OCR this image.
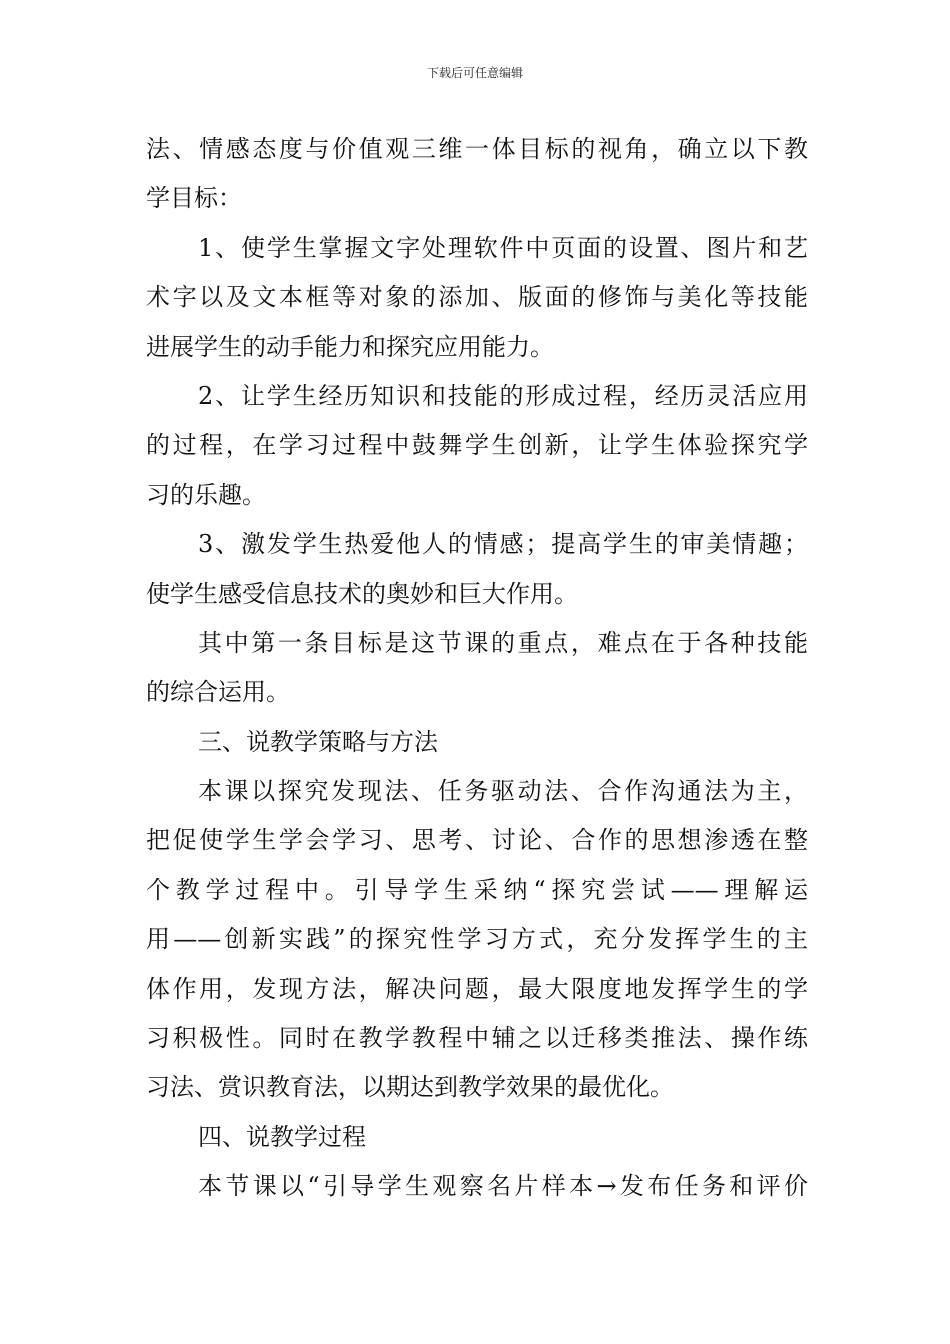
下载后可任意编辑
法、情感态度与价值观三维一体目标的视角，确立以下教
学目标：
1、使学生掌握文字处理软件中页面的设置、图片和艺
术字以及文本框等对象的添加、版面的修饰与美化等技能
进展学生的动手能力和探究应用能力。
2、让学生经历知识和技能的形成过程，经历灵活应用
的过程，在学习过程中鼓舞学生创新，让学生体验探究学
习的乐趣。
3、激发学生热爱他人的情感；提高学生的审美情趣；
使学生感受信息技术的奥妙和巨大作用。
其中第一条目标是这节课的重点，难点在于各种技能
的综合运用。
三、说教学策略与方法
本课以探究发现法、任务驱动法、合作沟通法为主，
把促使学生学会学习、思考、讨论、合作的思想渗透在整
个教学过程中。引导学生采纳“探究尝试——理解运
用——创新实践”的探究性学习方式，充分发挥学生的主
体作用，发现方法，解决问题，最大限度地发挥学生的学
习积极性。同时在教学教程中辅之以迁移类推法、操作练
习法、赏识教育法，以期达到教学效果的最优化。
四、说教学过程
本节课以“引导学生观察名片样本→发布任务和评价
